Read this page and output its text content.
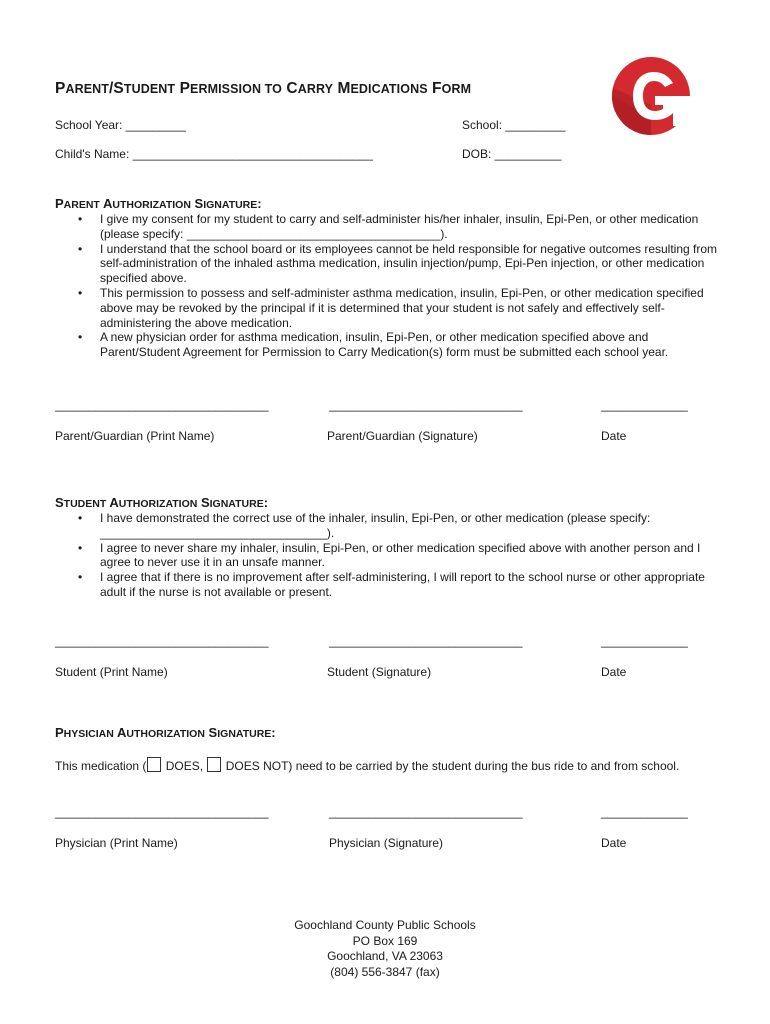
PARENT/STUDENT PERMISSION TO CARRY MEDICATIONS FORM
School Year: _________	School: _________
Child's Name: ____________________________________	DOB: __________
PARENT AUTHORIZATION SIGNATURE:
• I give my consent for my student to carry and self-administer his/her inhaler, insulin, Epi-Pen, or other medication (please specify: ______________________________________).
• I understand that the school board or its employees cannot be held responsible for negative outcomes resulting from self-administration of the inhaled asthma medication, insulin injection/pump, Epi-Pen injection, or other medication specified above.
• This permission to possess and self-administer asthma medication, insulin, Epi-Pen, or other medication specified above may be revoked by the principal if it is determined that your student is not safely and effectively self-administering the above medication.
• A new physician order for asthma medication, insulin, Epi-Pen, or other medication specified above and Parent/Student Agreement for Permission to Carry Medication(s) form must be submitted each school year.
________________________________	_____________________________	_____________
Parent/Guardian (Print Name)	Parent/Guardian (Signature)	Date
STUDENT AUTHORIZATION SIGNATURE:
• I have demonstrated the correct use of the inhaler, insulin, Epi-Pen, or other medication (please specify: __________________________________).
• I agree to never share my inhaler, insulin, Epi-Pen, or other medication specified above with another person and I agree to never use it in an unsafe manner.
• I agree that if there is no improvement after self-administering, I will report to the school nurse or other appropriate adult if the nurse is not available or present.
________________________________	_____________________________	_____________
Student (Print Name)	Student (Signature)	Date
PHYSICIAN AUTHORIZATION SIGNATURE:
This medication ( DOES,  DOES NOT) need to be carried by the student during the bus ride to and from school.
________________________________	_____________________________	_____________
Physician (Print Name)	Physician (Signature)	Date
Goochland County Public Schools
PO Box 169
Goochland, VA 23063
(804) 556-3847 (fax)
